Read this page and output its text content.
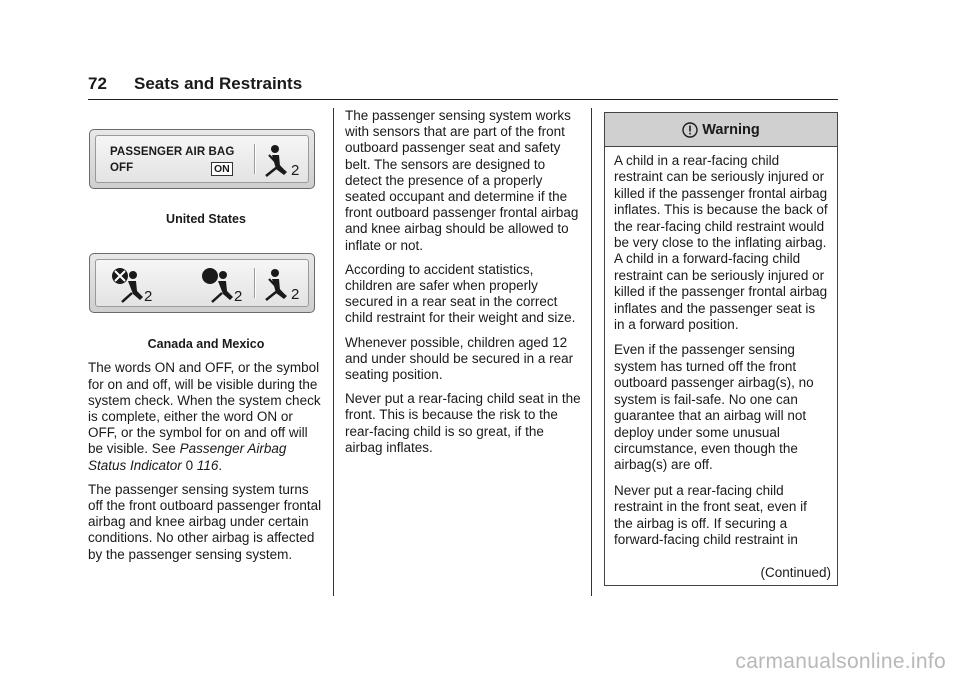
72 Seats and Restraints
PASSENGER AIR BAG
OFF	ON	2
United States
2	2	2
Canada and Mexico

The words ON and OFF, or the symbol for on and off, will be visible during the system check. When the system check is complete, either the word ON or OFF, or the symbol for on and off will be visible. See Passenger Airbag Status Indicator 0 116.

The passenger sensing system turns off the front outboard passenger frontal airbag and knee airbag under certain conditions. No other airbag is affected by the passenger sensing system.

The passenger sensing system works with sensors that are part of the front outboard passenger seat and safety belt. The sensors are designed to detect the presence of a properly seated occupant and determine if the front outboard passenger frontal airbag and knee airbag should be allowed to inflate or not.

According to accident statistics, children are safer when properly secured in a rear seat in the correct child restraint for their weight and size.

Whenever possible, children aged 12 and under should be secured in a rear seating position.

Never put a rear-facing child seat in the front. This is because the risk to the rear-facing child is so great, if the airbag inflates.

Warning

A child in a rear-facing child restraint can be seriously injured or killed if the passenger frontal airbag inflates. This is because the back of the rear-facing child restraint would be very close to the inflating airbag. A child in a forward-facing child restraint can be seriously injured or killed if the passenger frontal airbag inflates and the passenger seat is in a forward position.

Even if the passenger sensing system has turned off the front outboard passenger airbag(s), no system is fail-safe. No one can guarantee that an airbag will not deploy under some unusual circumstance, even though the airbag(s) are off.

Never put a rear-facing child restraint in the front seat, even if the airbag is off. If securing a forward-facing child restraint in

(Continued)
carmanualsonline.info
